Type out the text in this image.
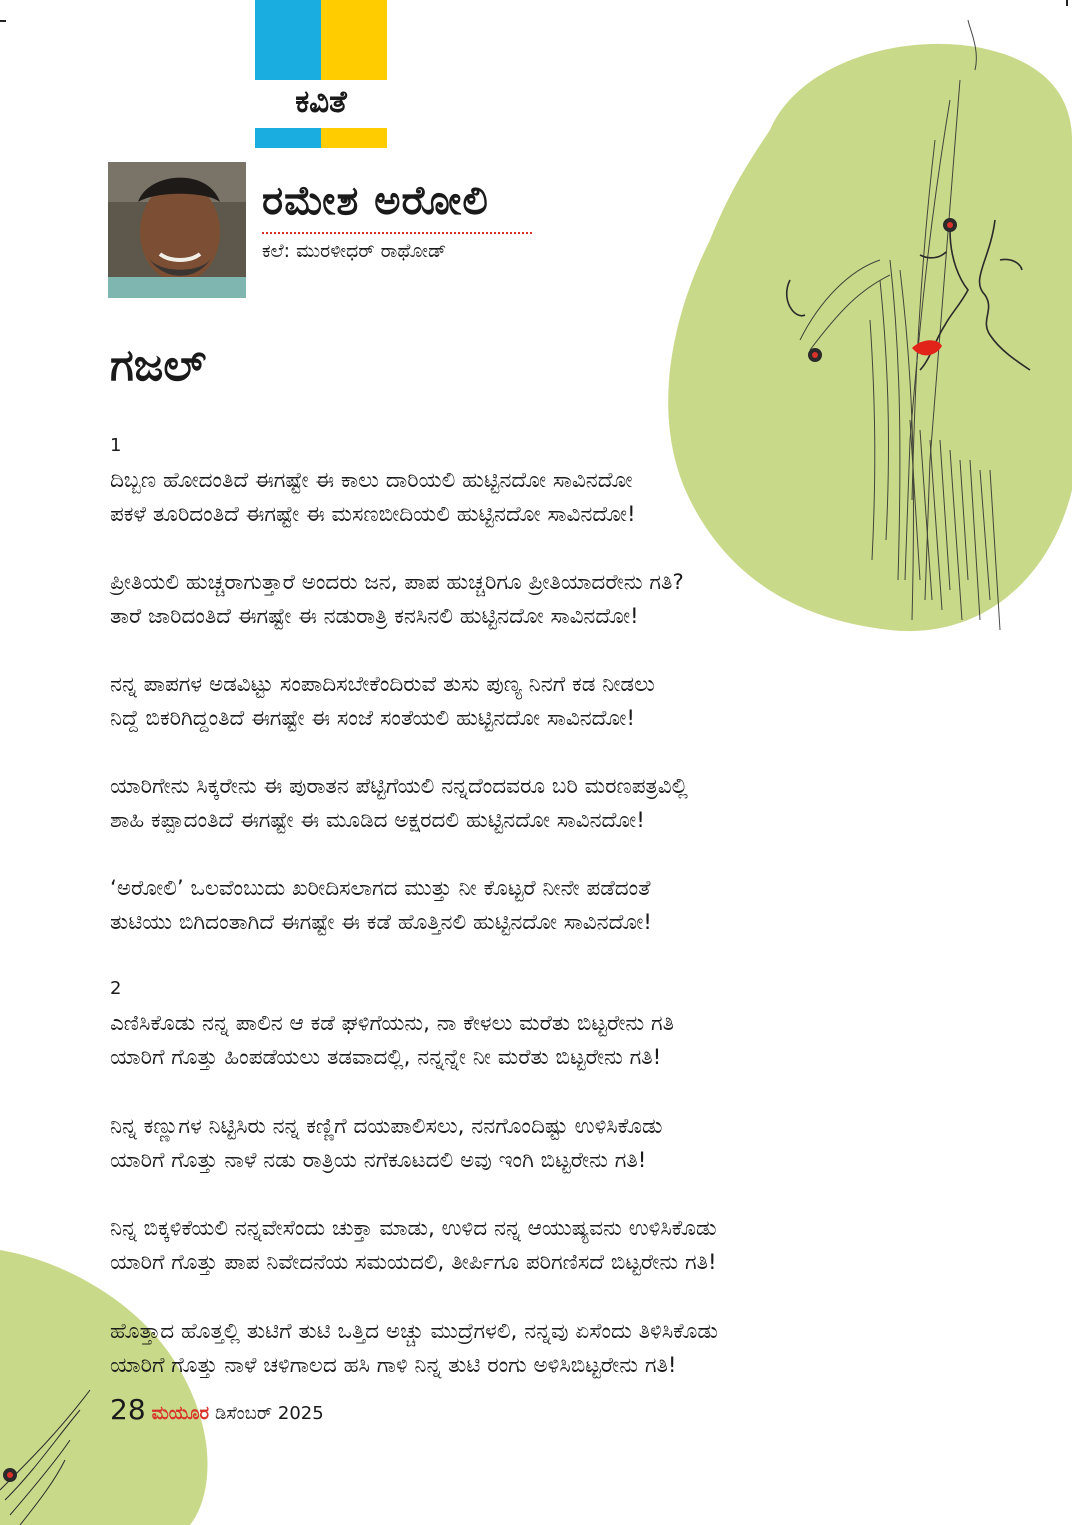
ಕವಿತೆ
ರಮೇಶ ಅರೋಲಿ
ಕಲೆ: ಮುರಳೀಧರ್ ರಾಥೋಡ್
ಗಜಲ್
1
ದಿಬ್ಬಣ ಹೋದಂತಿದೆ ಈಗಷ್ಟೇ ಈ ಕಾಲು ದಾರಿಯಲಿ ಹುಟ್ಟಿನದೋ ಸಾವಿನದೋ
ಪಕಳೆ ತೂರಿದಂತಿದೆ ಈಗಷ್ಟೇ ಈ ಮಸಣಬೀದಿಯಲಿ ಹುಟ್ಟಿನದೋ ಸಾವಿನದೋ!
ಪ್ರೀತಿಯಲಿ ಹುಚ್ಚರಾಗುತ್ತಾರೆ ಅಂದರು ಜನ, ಪಾಪ ಹುಚ್ಚರಿಗೂ ಪ್ರೀತಿಯಾದರೇನು ಗತಿ?
ತಾರೆ ಜಾರಿದಂತಿದೆ ಈಗಷ್ಟೇ ಈ ನಡುರಾತ್ರಿ ಕನಸಿನಲಿ ಹುಟ್ಟಿನದೋ ಸಾವಿನದೋ!
ನನ್ನ ಪಾಪಗಳ ಅಡವಿಟ್ಟು ಸಂಪಾದಿಸಬೇಕೆಂದಿರುವೆ ತುಸು ಪುಣ್ಯ ನಿನಗೆ ಕಡ ನೀಡಲು
ನಿದ್ದೆ ಬಿಕರಿಗಿದ್ದಂತಿದೆ ಈಗಷ್ಟೇ ಈ ಸಂಜೆ ಸಂತೆಯಲಿ ಹುಟ್ಟಿನದೋ ಸಾವಿನದೋ!
ಯಾರಿಗೇನು ಸಿಕ್ಕರೇನು ಈ ಪುರಾತನ ಪೆಟ್ಟಿಗೆಯಲಿ ನನ್ನದೆಂದವರೂ ಬರಿ ಮರಣಪತ್ರವಿಲ್ಲಿ
ಶಾಹಿ ಕಪ್ಪಾದಂತಿದೆ ಈಗಷ್ಟೇ ಈ ಮೂಡಿದ ಅಕ್ಷರದಲಿ ಹುಟ್ಟಿನದೋ ಸಾವಿನದೋ!
‘ಅರೋಲಿ’ ಒಲವೆಂಬುದು ಖರೀದಿಸಲಾಗದ ಮುತ್ತು ನೀ ಕೊಟ್ಟರೆ ನೀನೇ ಪಡೆದಂತೆ
ತುಟಿಯು ಬಿಗಿದಂತಾಗಿದೆ ಈಗಷ್ಟೇ ಈ ಕಡೆ ಹೊತ್ತಿನಲಿ ಹುಟ್ಟಿನದೋ ಸಾವಿನದೋ!
2
ಎಣಿಸಿಕೊಡು ನನ್ನ ಪಾಲಿನ ಆ ಕಡೆ ಘಳಿಗೆಯನು, ನಾ ಕೇಳಲು ಮರೆತು ಬಿಟ್ಟರೇನು ಗತಿ
ಯಾರಿಗೆ ಗೊತ್ತು ಹಿಂಪಡೆಯಲು ತಡವಾದಲ್ಲಿ, ನನ್ನನ್ನೇ ನೀ ಮರೆತು ಬಿಟ್ಟರೇನು ಗತಿ!
ನಿನ್ನ ಕಣ್ಣುಗಳ ನಿಟ್ಟಿಸಿರು ನನ್ನ ಕಣ್ಣಿಗೆ ದಯಪಾಲಿಸಲು, ನನಗೊಂದಿಷ್ಟು ಉಳಿಸಿಕೊಡು
ಯಾರಿಗೆ ಗೊತ್ತು ನಾಳೆ ನಡು ರಾತ್ರಿಯ ನಗೆಕೂಟದಲಿ ಅವು ಇಂಗಿ ಬಿಟ್ಟರೇನು ಗತಿ!
ನಿನ್ನ ಬಿಕ್ಕಳಿಕೆಯಲಿ ನನ್ನವೇಸೆಂದು ಚುಕ್ತಾ ಮಾಡು, ಉಳಿದ ನನ್ನ ಆಯುಷ್ಯವನು ಉಳಿಸಿಕೊಡು
ಯಾರಿಗೆ ಗೊತ್ತು ಪಾಪ ನಿವೇದನೆಯ ಸಮಯದಲಿ, ತೀರ್ಪಿಗೂ ಪರಿಗಣಿಸದೆ ಬಿಟ್ಟರೇನು ಗತಿ!
ಹೊತ್ತಾದ ಹೊತ್ತಲ್ಲಿ ತುಟಿಗೆ ತುಟಿ ಒತ್ತಿದ ಅಚ್ಚು ಮುದ್ರೆಗಳಲಿ, ನನ್ನವು ಏಸೆಂದು ತಿಳಿಸಿಕೊಡು
ಯಾರಿಗೆ ಗೊತ್ತು ನಾಳೆ ಚಳಿಗಾಲದ ಹಸಿ ಗಾಳಿ ನಿನ್ನ ತುಟಿ ರಂಗು ಅಳಿಸಿಬಿಟ್ಟರೇನು ಗತಿ!
28 ಮಯೂರ ಡಿಸೆಂಬರ್ 2025
